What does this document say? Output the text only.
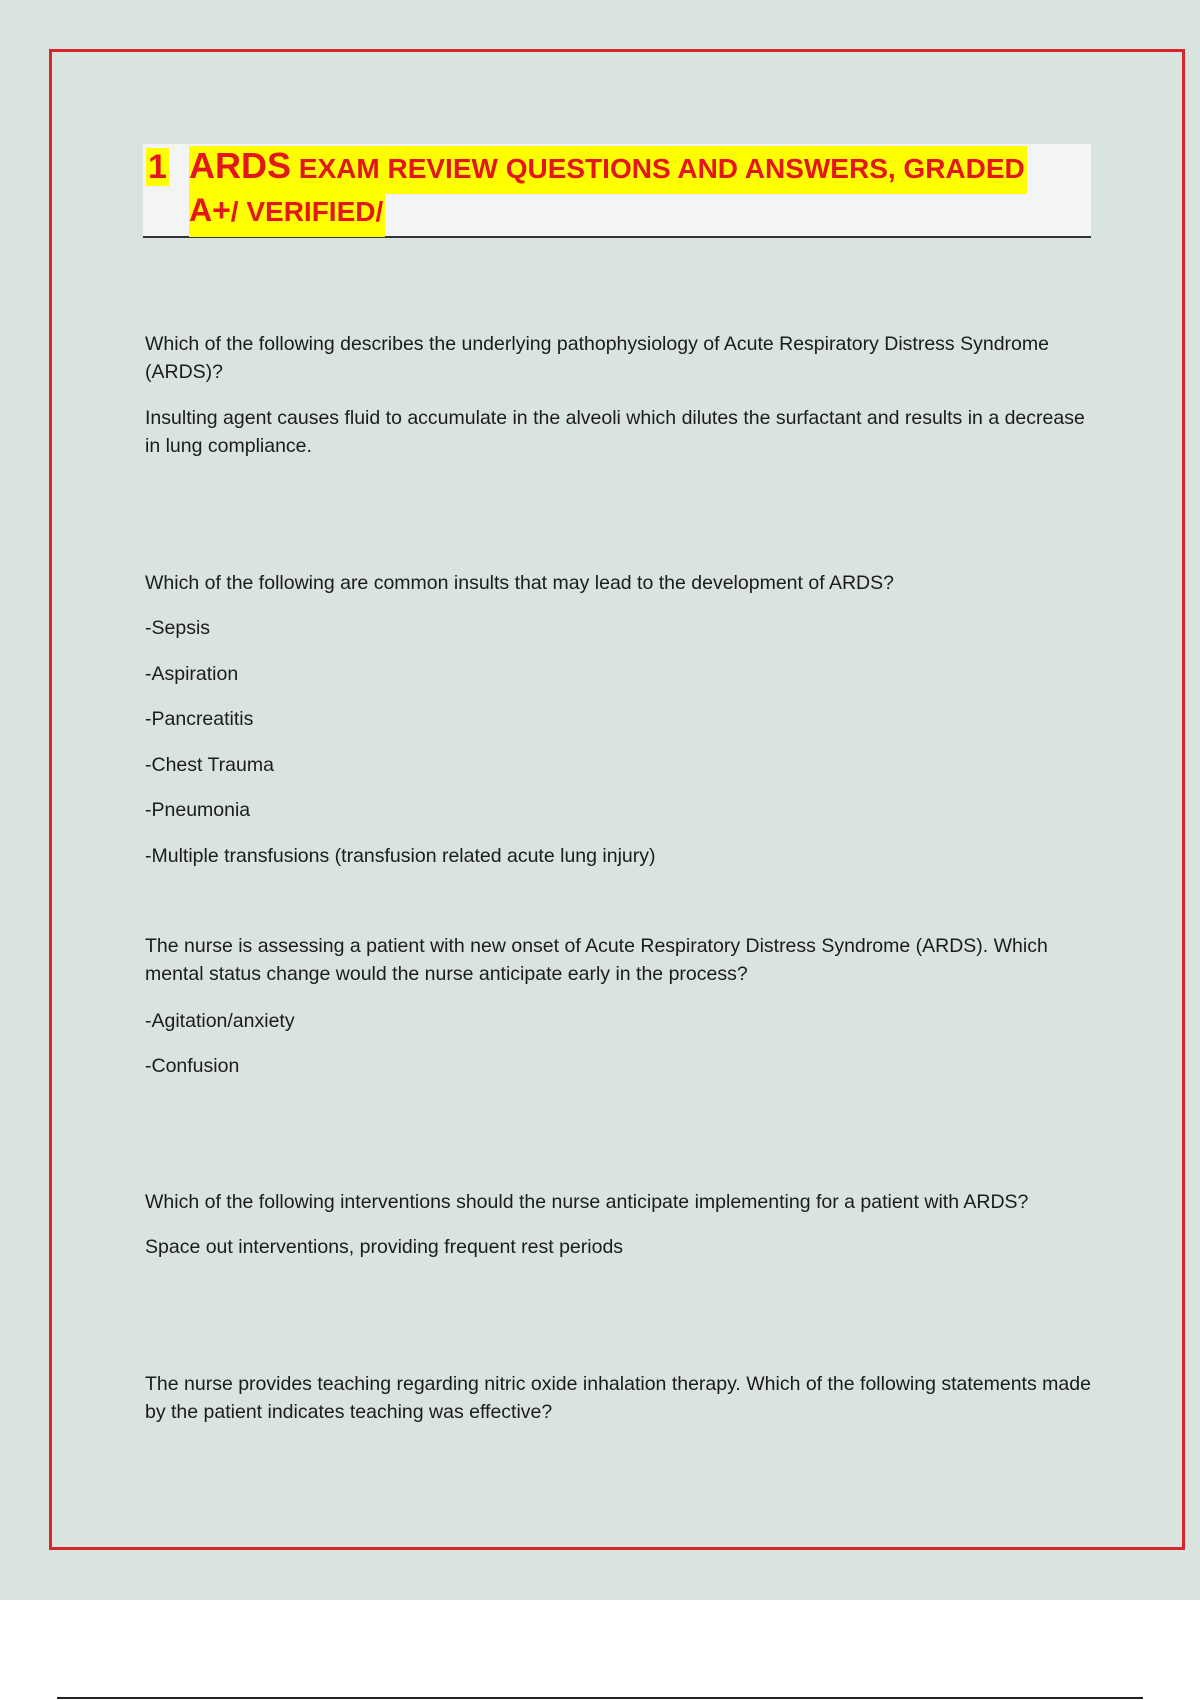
1 ARDS EXAM REVIEW QUESTIONS AND ANSWERS, GRADED
A+/ VERIFIED/

Which of the following describes the underlying pathophysiology of Acute Respiratory Distress Syndrome (ARDS)?

Insulting agent causes fluid to accumulate in the alveoli which dilutes the surfactant and results in a decrease in lung compliance.

Which of the following are common insults that may lead to the development of ARDS?

-Sepsis
-Aspiration
-Pancreatitis
-Chest Trauma
-Pneumonia
-Multiple transfusions (transfusion related acute lung injury)

The nurse is assessing a patient with new onset of Acute Respiratory Distress Syndrome (ARDS). Which mental status change would the nurse anticipate early in the process?

-Agitation/anxiety
-Confusion

Which of the following interventions should the nurse anticipate implementing for a patient with ARDS?

Space out interventions, providing frequent rest periods

The nurse provides teaching regarding nitric oxide inhalation therapy. Which of the following statements made by the patient indicates teaching was effective?
